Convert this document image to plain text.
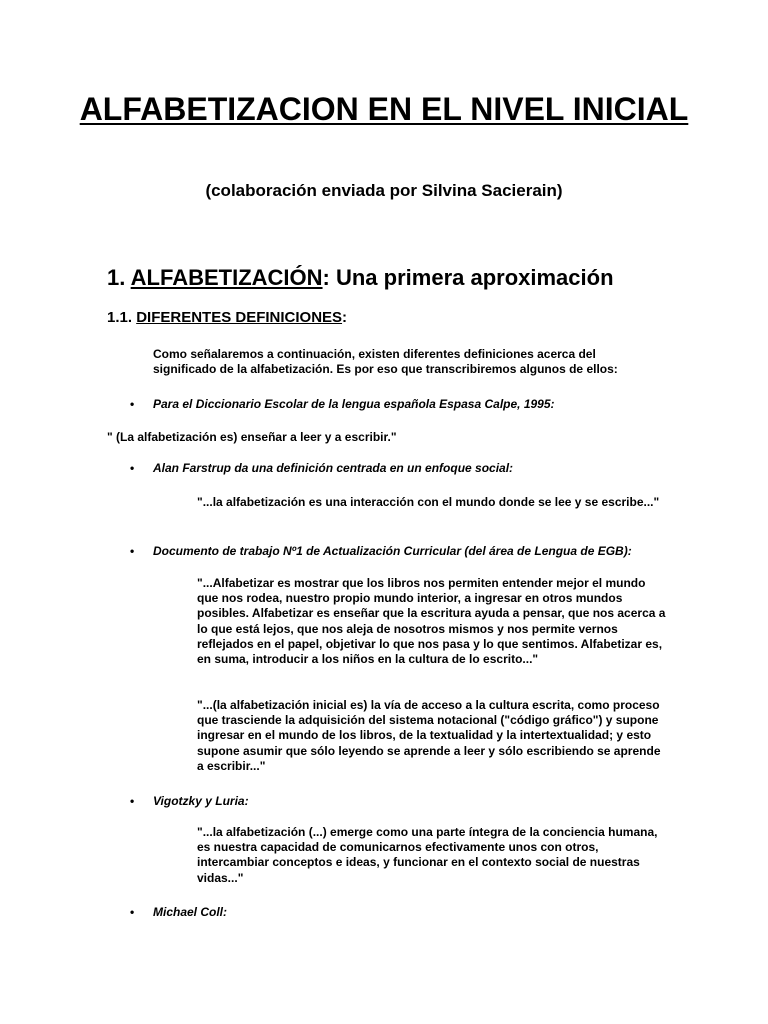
ALFABETIZACION EN EL NIVEL INICIAL
(colaboración enviada por Silvina Sacierain)
1. ALFABETIZACIÓN: Una primera aproximación
1.1. DIFERENTES DEFINICIONES:
Como señalaremos a continuación, existen diferentes definiciones acerca del significado de la alfabetización. Es por eso que transcribiremos algunos de ellos:
• Para el Diccionario Escolar de la lengua española Espasa Calpe, 1995:
" (La alfabetización es) enseñar a leer y a escribir."
• Alan Farstrup da una definición centrada en un enfoque social:
"...la alfabetización es una interacción con el mundo donde se lee y se escribe..."
• Documento de trabajo Nº1 de Actualización Curricular (del área de Lengua de EGB):
"...Alfabetizar es mostrar que los libros nos permiten entender mejor el mundo que nos rodea, nuestro propio mundo interior, a ingresar en otros mundos posibles. Alfabetizar es enseñar que la escritura ayuda a pensar, que nos acerca a lo que está lejos, que nos aleja de nosotros mismos y nos permite vernos reflejados en el papel, objetivar lo que nos pasa y lo que sentimos. Alfabetizar es, en suma, introducir a los niños en la cultura de lo escrito..."
"...(la alfabetización inicial es) la vía de acceso a la cultura escrita, como proceso que trasciende la adquisición del sistema notacional ("código gráfico") y supone ingresar en el mundo de los libros, de la textualidad y la intertextualidad; y esto supone asumir que sólo leyendo se aprende a leer y sólo escribiendo se aprende a escribir..."
• Vigotzky y Luria:
"...la alfabetización (...) emerge como una parte íntegra de la conciencia humana, es nuestra capacidad de comunicarnos efectivamente unos con otros, intercambiar conceptos e ideas, y funcionar en el contexto social de nuestras vidas..."
• Michael Coll:
